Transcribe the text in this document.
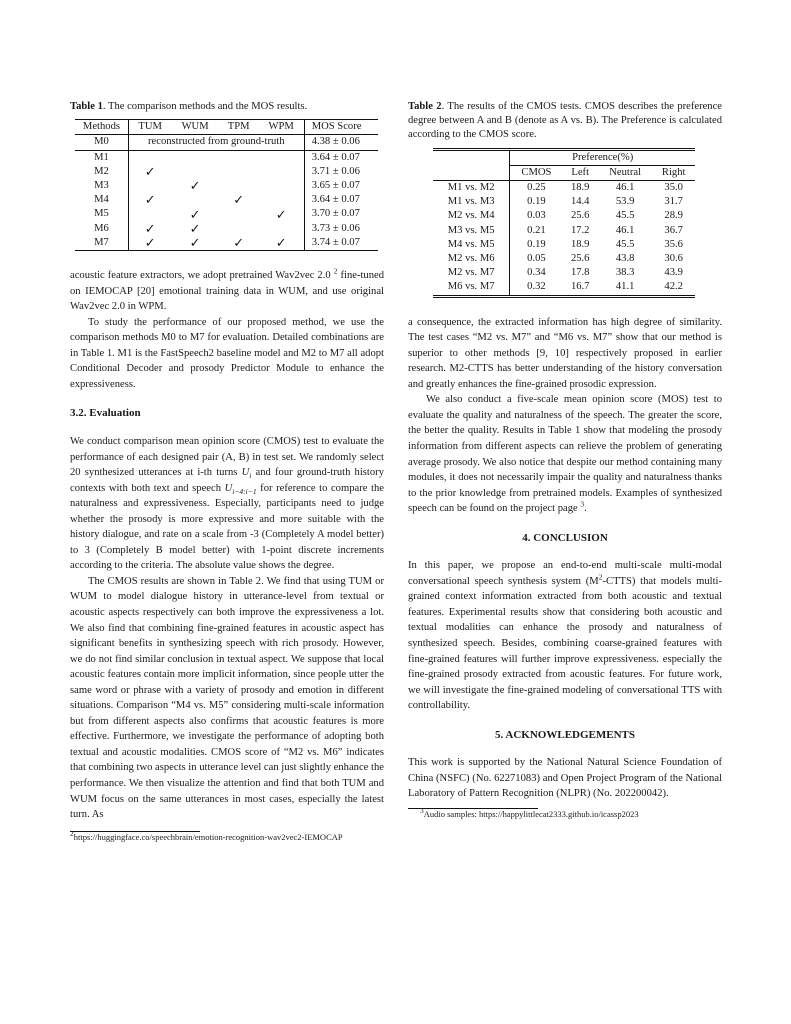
Table 1. The comparison methods and the MOS results.

Methods	TUM	WUM	TPM	WPM	MOS Score
M0	reconstructed from ground-truth				4.38 ± 0.06
M1					3.64 ± 0.07
M2	✓				3.71 ± 0.06
M3		✓			3.65 ± 0.07
M4	✓		✓		3.64 ± 0.07
M5		✓		✓	3.70 ± 0.07
M6	✓	✓			3.73 ± 0.06
M7	✓	✓	✓	✓	3.74 ± 0.07

acoustic feature extractors, we adopt pretrained Wav2vec 2.0 $^2$ fine-tuned on IEMOCAP [20] emotional training data in WUM, and use original Wav2vec 2.0 in WPM.

To study the performance of our proposed method, we use the comparison methods M0 to M7 for evaluation. Detailed combinations are in Table 1. M1 is the FastSpeech2 baseline model and M2 to M7 all adopt Conditional Decoder and prosody Predictor Module to enhance the expressiveness.

3.2. Evaluation

We conduct comparison mean opinion score (CMOS) test to evaluate the performance of each designed pair (A, B) in test set. We randomly select 20 synthesized utterances at i-th turns $U_i$ and four ground-truth history contexts with both text and speech $U_{i-4:i-1}$ for reference to compare the naturalness and expressiveness. Especially, participants need to judge whether the prosody is more expressive and more suitable with the history dialogue, and rate on a scale from -3 (Completely A model better) to 3 (Completely B model better) with 1-point discrete increments according to the criteria. The absolute value shows the degree.

The CMOS results are shown in Table 2. We find that using TUM or WUM to model dialogue history in utterance-level from textual or acoustic aspects respectively can both improve the expressiveness a lot. We also find that combining fine-grained features in acoustic aspect has significant benefits in synthesizing speech with rich prosody. However, we do not find similar conclusion in textual aspect. We suppose that local acoustic features contain more implicit information, since people utter the same word or phrase with a variety of prosody and emotion in different situations. Comparison “M4 vs. M5” considering multi-scale information but from different aspects also confirms that acoustic features is more effective. Furthermore, we investigate the performance of adopting both textual and acoustic modalities. CMOS score of “M2 vs. M6” indicates that combining two aspects in utterance level can just slightly enhance the performance. We then visualize the attention and find that both TUM and WUM focus on the same utterances in most cases, especially the latest turn. As

$^2$https://huggingface.co/speechbrain/emotion-recognition-wav2vec2-IEMOCAP

Table 2. The results of the CMOS tests. CMOS describes the preference degree between A and B (denote as A vs. B). The Preference is calculated according to the CMOS score.

	Preference(%)			
	CMOS	Left	Neutral	Right
M1 vs. M2	0.25	18.9	46.1	35.0
M1 vs. M3	0.19	14.4	53.9	31.7
M2 vs. M4	0.03	25.6	45.5	28.9
M3 vs. M5	0.21	17.2	46.1	36.7
M4 vs. M5	0.19	18.9	45.5	35.6
M2 vs. M6	0.05	25.6	43.8	30.6
M2 vs. M7	0.34	17.8	38.3	43.9
M6 vs. M7	0.32	16.7	41.1	42.2

a consequence, the extracted information has high degree of similarity. The test cases “M2 vs. M7” and “M6 vs. M7” show that our method is superior to other methods [9, 10] respectively proposed in earlier research. M2-CTTS has better understanding of the history conversation and greatly enhances the fine-grained prosodic expression.

We also conduct a five-scale mean opinion score (MOS) test to evaluate the quality and naturalness of the speech. The greater the score, the better the quality. Results in Table 1 show that modeling the prosody information from different aspects can relieve the problem of generating average prosody. We also notice that despite our method containing many modules, it does not necessarily impair the quality and naturalness thanks to the prior knowledge from pretrained models. Examples of synthesized speech can be found on the project page $^3$.

4. CONCLUSION

In this paper, we propose an end-to-end multi-scale multi-modal conversational speech synthesis system $(M^2-CTTS)$ that models multi-grained context information extracted from both acoustic and textual features. Experimental results show that considering both acoustic and textual modalities can enhance the prosody and naturalness of synthesized speech. Besides, combining coarse-grained features with fine-grained features will further improve expressiveness. especially the fine-grained prosody extracted from acoustic features. For future work, we will investigate the fine-grained modeling of conversational TTS with controllability.

5. ACKNOWLEDGEMENTS

This work is supported by the National Natural Science Foundation of China (NSFC) (No. 62271083) and Open Project Program of the National Laboratory of Pattern Recognition (NLPR) (No. 202200042).

$^3$Audio samples: https://happylittlecat2333.github.io/icassp2023
